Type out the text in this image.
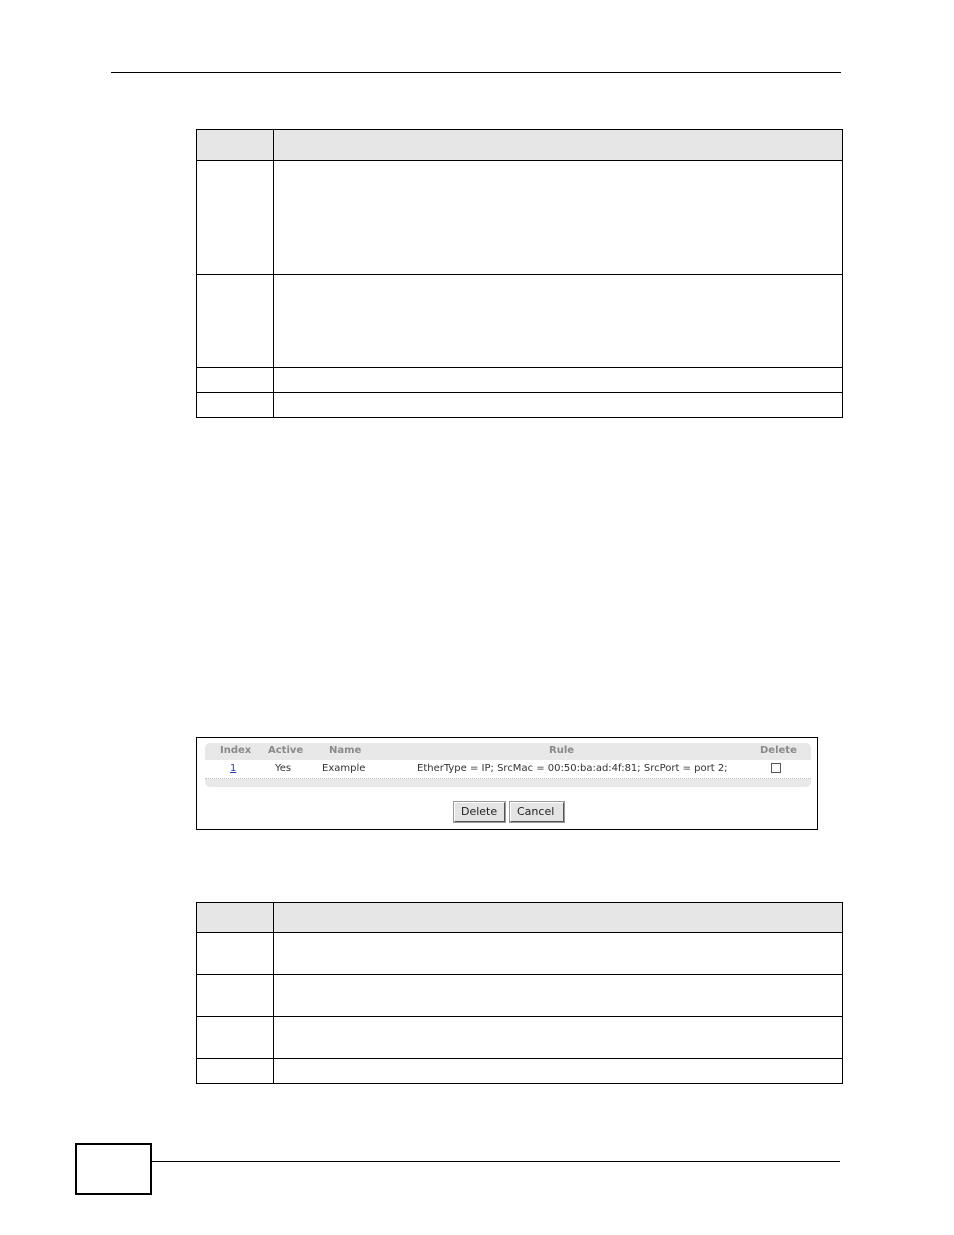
Index Active	Name	Rule	Delete
1	Yes	Example	EtherType = IP; SrcMac = 00:50:ba:ad:4f:81; SrcPort = port 2;
Delete	Cancel
